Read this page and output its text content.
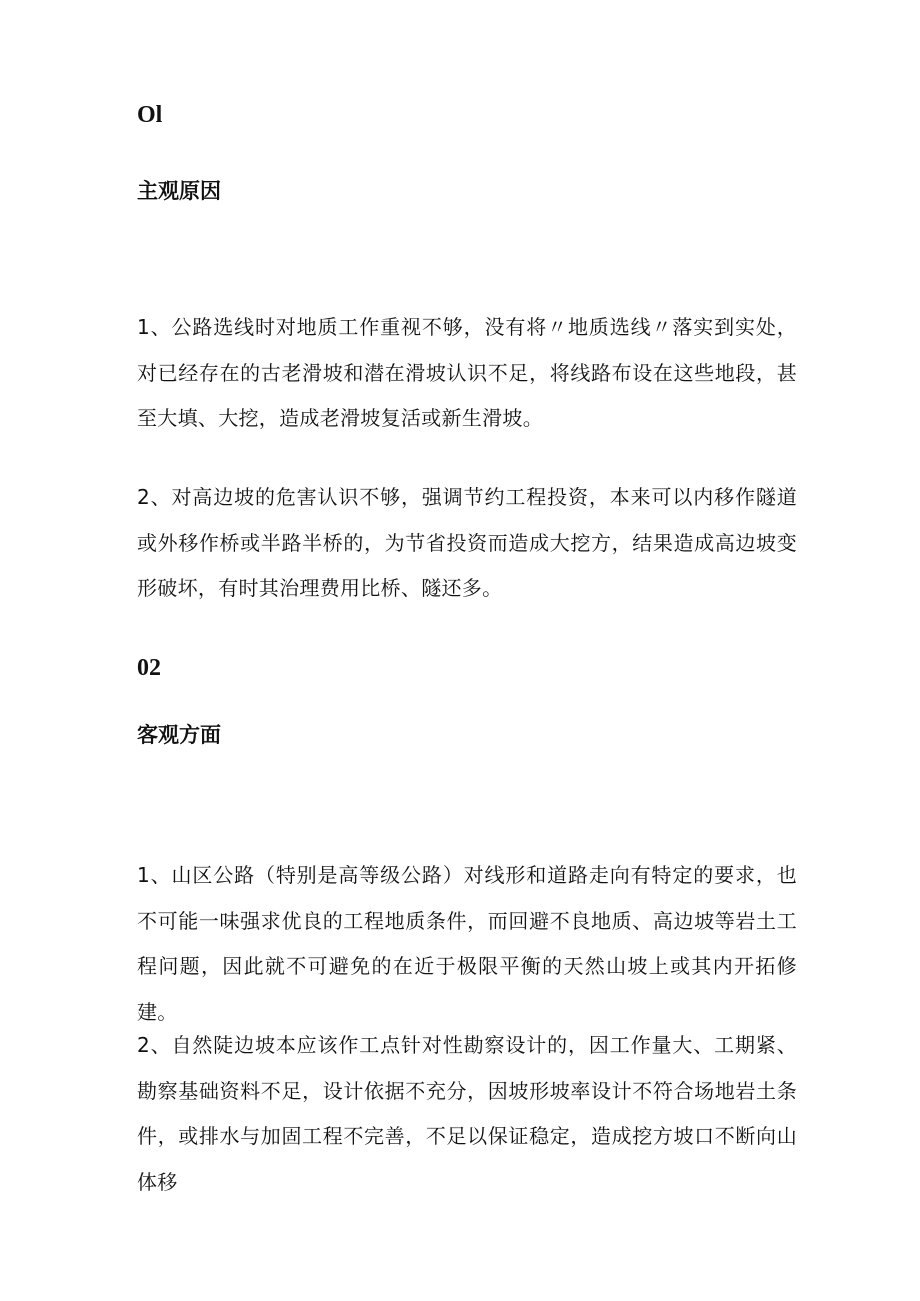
Ol
主观原因

1、公路选线时对地质工作重视不够，没有将〃地质选线〃落实到实处，对已经存在的古老滑坡和潜在滑坡认识不足，将线路布设在这些地段，甚至大填、大挖，造成老滑坡复活或新生滑坡。

2、对高边坡的危害认识不够，强调节约工程投资，本来可以内移作隧道或外移作桥或半路半桥的，为节省投资而造成大挖方，结果造成高边坡变形破坏，有时其治理费用比桥、隧还多。

02
客观方面

1、山区公路（特别是高等级公路）对线形和道路走向有特定的要求，也不可能一味强求优良的工程地质条件，而回避不良地质、高边坡等岩土工程问题，因此就不可避免的在近于极限平衡的天然山坡上或其内开拓修建。

2、自然陡边坡本应该作工点针对性勘察设计的，因工作量大、工期紧、勘察基础资料不足，设计依据不充分，因坡形坡率设计不符合场地岩土条件，或排水与加固工程不完善，不足以保证稳定，造成挖方坡口不断向山体移
